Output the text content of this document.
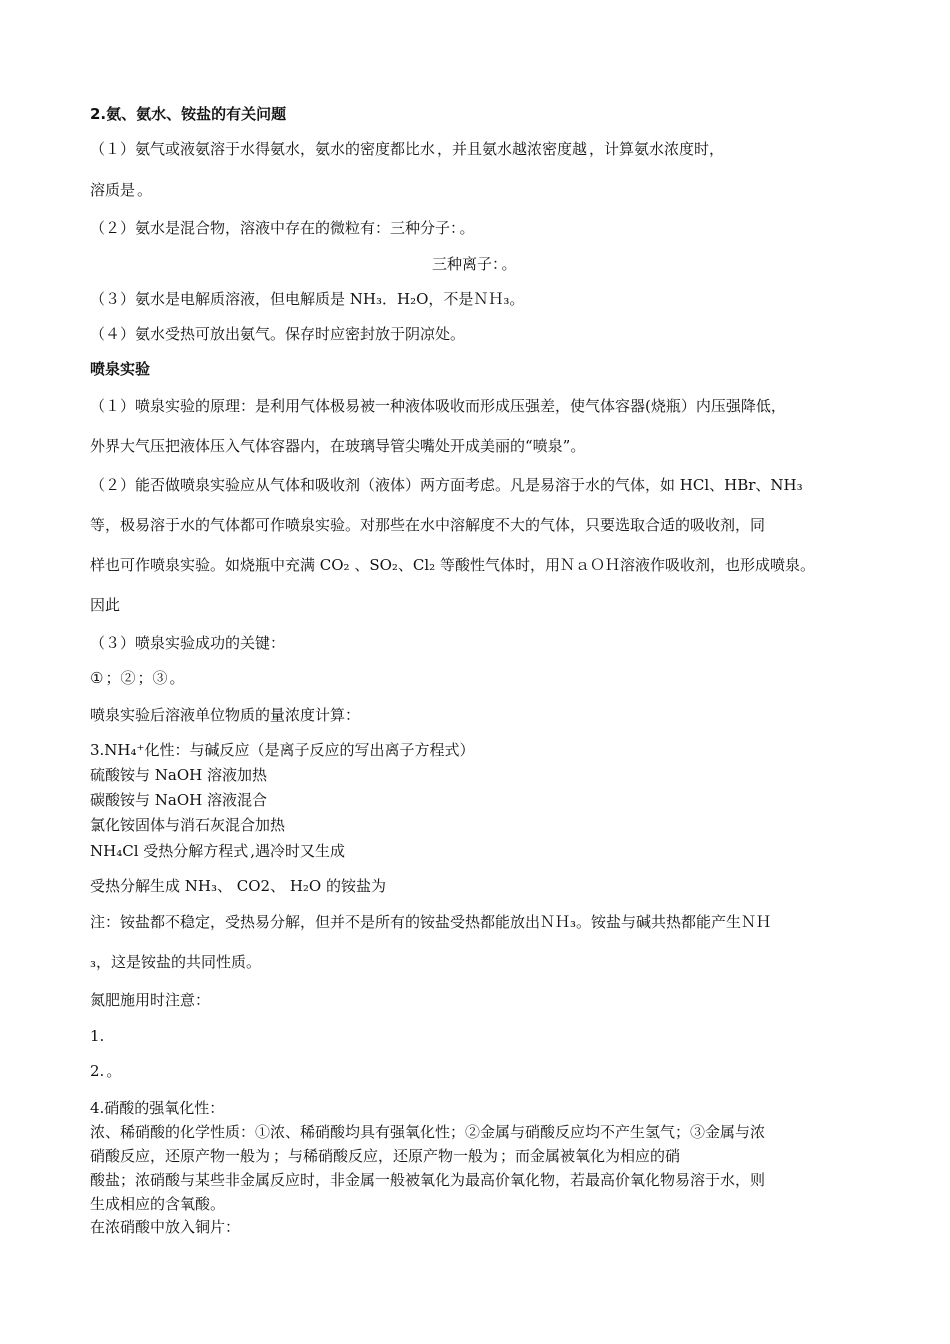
2.氨、氨水、铵盐的有关问题
（１）氨气或液氨溶于水得氨水，氨水的密度都比水 ，并且氨水越浓密度越 ，计算氨水浓度时，
溶质是 。
（２）氨水是混合物，溶液中存在的微粒有：三种分子： 。
三种离子： 。
（３）氨水是电解质溶液，但电解质是 NH₃．H₂O，不是ＮＨ₃。
（４）氨水受热可放出氨气。保存时应密封放于阴凉处。
喷泉实验
（１）喷泉实验的原理：是利用气体极易被一种液体吸收而形成压强差，使气体容器(烧瓶）内压强降低，
外界大气压把液体压入气体容器内，在玻璃导管尖嘴处开成美丽的“喷泉”。
（２）能否做喷泉实验应从气体和吸收剂（液体）两方面考虑。凡是易溶于水的气体，如 HCl、HBr、NH₃
等，极易溶于水的气体都可作喷泉实验。对那些在水中溶解度不大的气体，只要选取合适的吸收剂，同
样也可作喷泉实验。如烧瓶中充满 CO₂ 、SO₂、Cl₂ 等酸性气体时，用ＮａＯＨ溶液作吸收剂，也形成喷泉。
因此
（３）喷泉实验成功的关键：
① ；② ；③ 。
喷泉实验后溶液单位物质的量浓度计算：
3.NH₄⁺化性：与碱反应（是离子反应的写出离子方程式）
硫酸铵与 NaOH 溶液加热
碳酸铵与 NaOH 溶液混合
氯化铵固体与消石灰混合加热
NH₄Cl 受热分解方程式 ,遇冷时又生成
受热分解生成 NH₃、 CO2、 H₂O 的铵盐为
注：铵盐都不稳定，受热易分解，但并不是所有的铵盐受热都能放出ＮＨ₃。铵盐与碱共热都能产生ＮＨ
₃，这是铵盐的共同性质。
氮肥施用时注意：
1.
2. 。
4.硝酸的强氧化性：
浓、稀硝酸的化学性质：①浓、稀硝酸均具有强氧化性；②金属与硝酸反应均不产生氢气；③金属与浓
硝酸反应，还原产物一般为 ；与稀硝酸反应，还原产物一般为 ；而金属被氧化为相应的硝
酸盐；浓硝酸与某些非金属反应时，非金属一般被氧化为最高价氧化物，若最高价氧化物易溶于水，则
生成相应的含氧酸。
在浓硝酸中放入铜片：
